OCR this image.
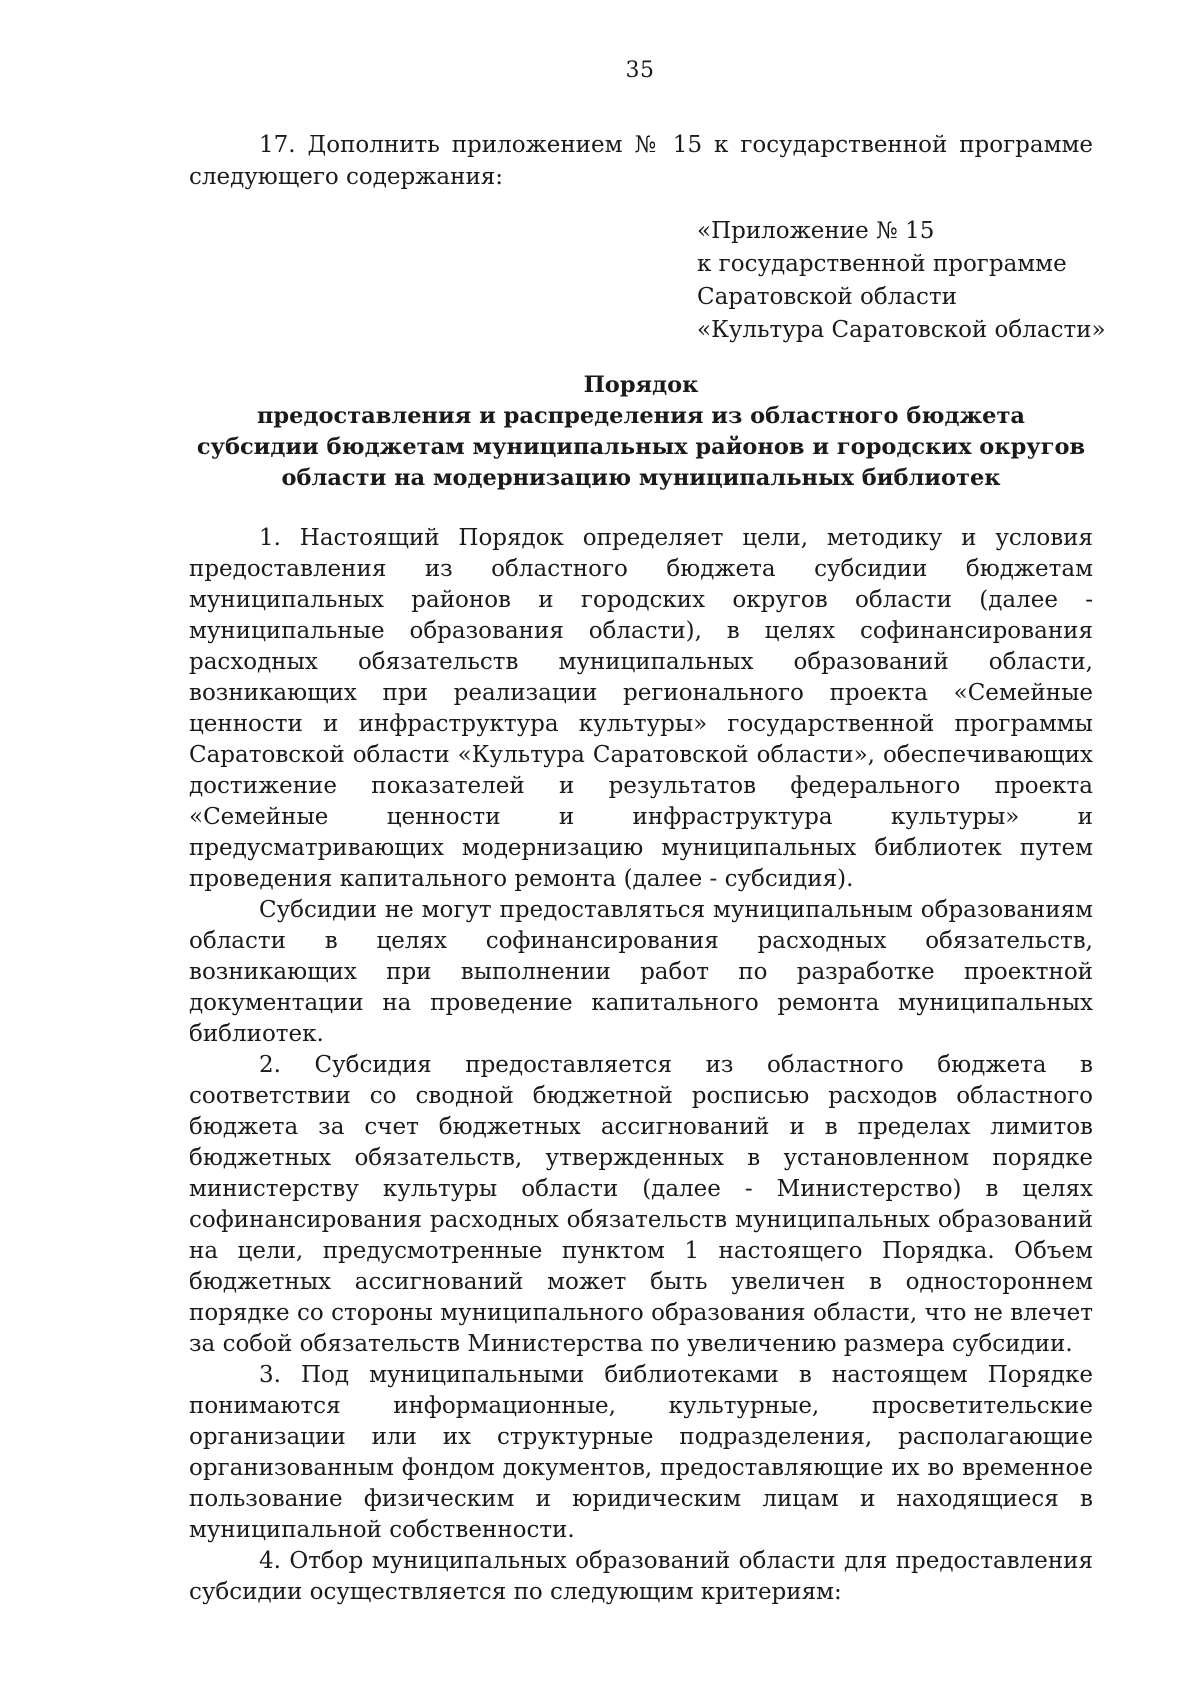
35

17. Дополнить приложением № 15 к государственной программе следующего содержания:

«Приложение № 15
к государственной программе
Саратовской области
«Культура Саратовской области»
Порядок
предоставления и распределения из областного бюджета
субсидии бюджетам муниципальных районов и городских округов
области на модернизацию муниципальных библиотек

1. Настоящий Порядок определяет цели, методику и условия предоставления из областного бюджета субсидии бюджетам муниципальных районов и городских округов области (далее - муниципальные образования области), в целях софинансирования расходных обязательств муниципальных образований области, возникающих при реализации регионального проекта «Семейные ценности и инфраструктура культуры» государственной программы Саратовской области «Культура Саратовской области», обеспечивающих достижение показателей и результатов федерального проекта «Семейные ценности и инфраструктура культуры» и предусматривающих модернизацию муниципальных библиотек путем проведения капитального ремонта (далее - субсидия).

Субсидии не могут предоставляться муниципальным образованиям области в целях софинансирования расходных обязательств, возникающих при выполнении работ по разработке проектной документации на проведение капитального ремонта муниципальных библиотек.

2. Субсидия предоставляется из областного бюджета в соответствии со сводной бюджетной росписью расходов областного бюджета за счет бюджетных ассигнований и в пределах лимитов бюджетных обязательств, утвержденных в установленном порядке министерству культуры области (далее - Министерство) в целях софинансирования расходных обязательств муниципальных образований на цели, предусмотренные пунктом 1 настоящего Порядка. Объем бюджетных ассигнований может быть увеличен в одностороннем порядке со стороны муниципального образования области, что не влечет за собой обязательств Министерства по увеличению размера субсидии.

3. Под муниципальными библиотеками в настоящем Порядке понимаются информационные, культурные, просветительские организации или их структурные подразделения, располагающие организованным фондом документов, предоставляющие их во временное пользование физическим и юридическим лицам и находящиеся в муниципальной собственности.

4. Отбор муниципальных образований области для предоставления субсидии осуществляется по следующим критериям:
